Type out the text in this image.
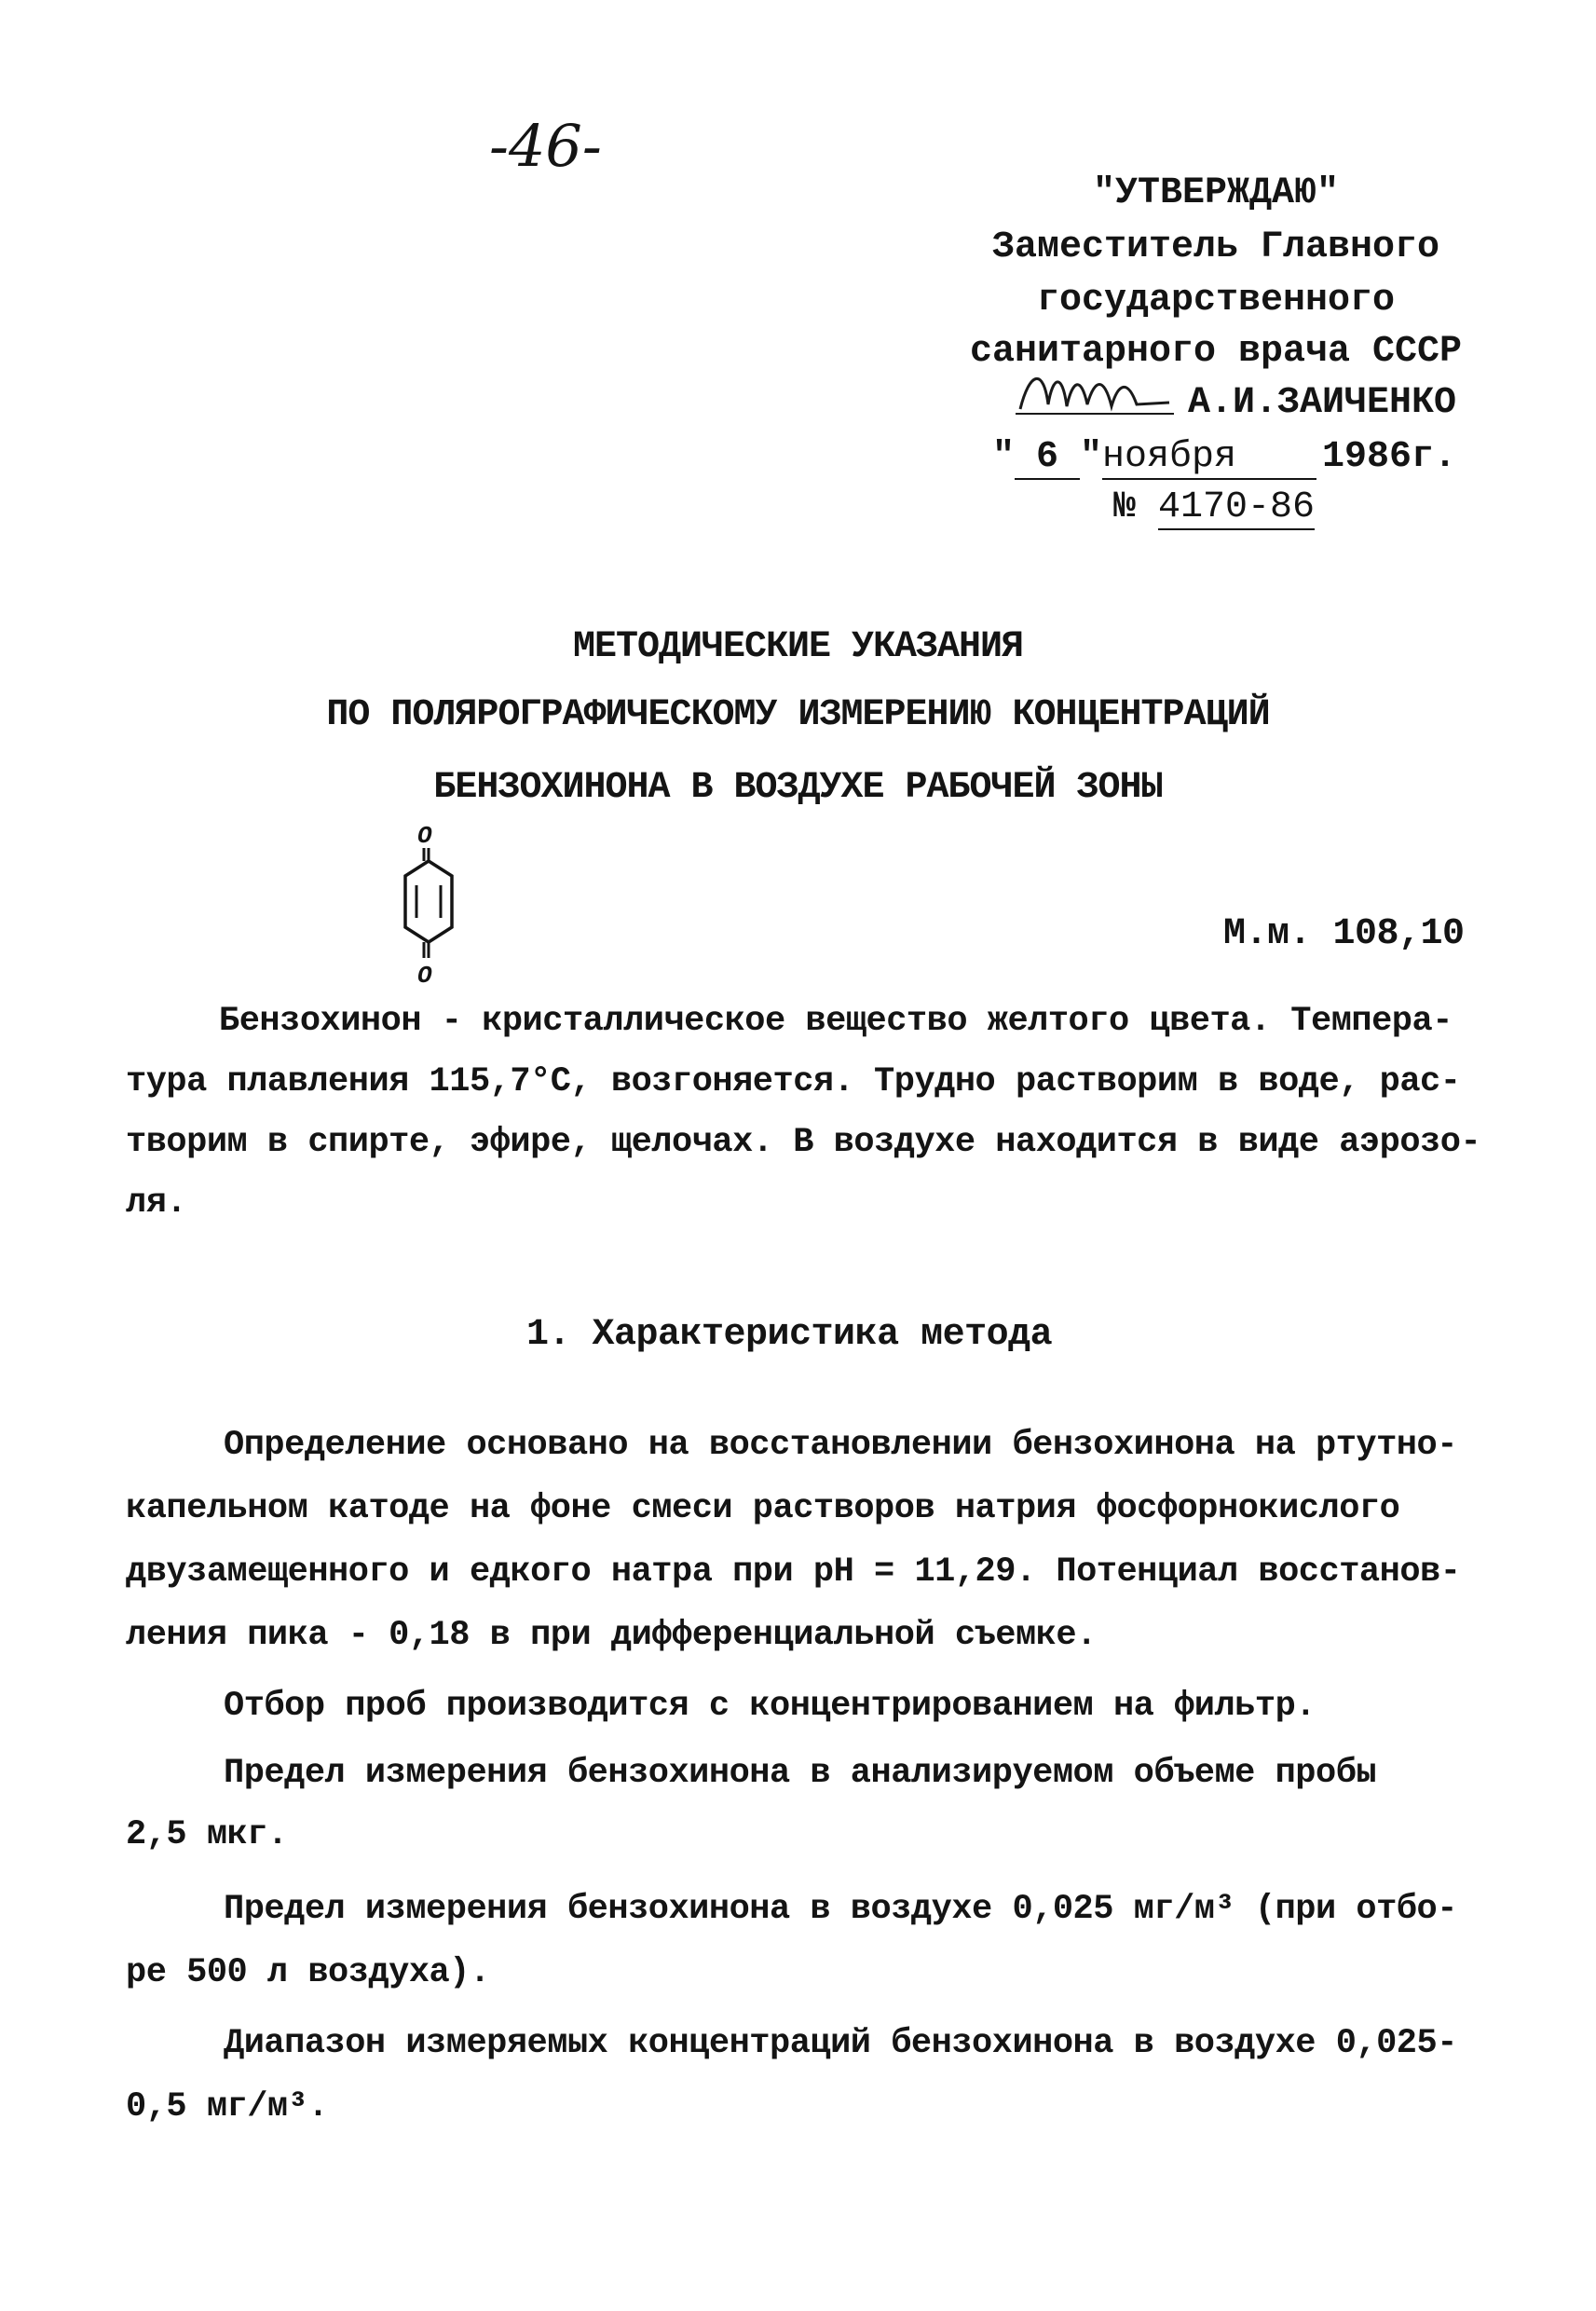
-46-
"УТВЕРЖДАЮ"
Заместитель Главного
государственного
санитарного врача СССР
А.И.ЗАИЧЕНКО
" 6 "ноября 1986г.
№ 4170-86
МЕТОДИЧЕСКИЕ УКАЗАНИЯ
ПО ПОЛЯРОГРАФИЧЕСКОМУ ИЗМЕРЕНИЮ КОНЦЕНТРАЦИЙ
БЕНЗОХИНОНА В ВОЗДУХЕ РАБОЧЕЙ ЗОНЫ
O
O
М.м. 108,10
Бензохинон - кристаллическое вещество желтого цвета. Темпера-
тура плавления 115,7°С, возгоняется. Трудно растворим в воде, рас-
творим в спирте, эфире, щелочах. В воздухе находится в виде аэрозо-
ля.
1. Характеристика метода
Определение основано на восстановлении бензохинона на ртутно-
капельном катоде на фоне смеси растворов натрия фосфорнокислого
двузамещенного и едкого натра при pH = 11,29. Потенциал восстанов-
ления пика - 0,18 в при дифференциальной съемке.
Отбор проб производится с концентрированием на фильтр.
Предел измерения бензохинона в анализируемом объеме пробы
2,5 мкг.
Предел измерения бензохинона в воздухе 0,025 мг/м³ (при отбо-
ре 500 л воздуха).
Диапазон измеряемых концентраций бензохинона в воздухе 0,025-
0,5 мг/м³.
